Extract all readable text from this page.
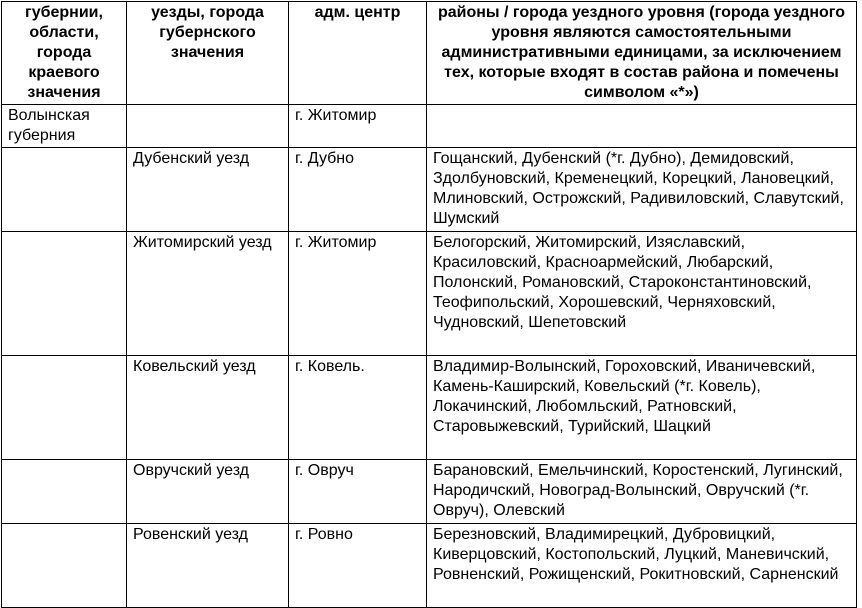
губернии, области, города краевого значения	уезды, города губернского значения	адм. центр	районы / города уездного уровня (города уездного уровня являются самостоятельными административными единицами, за исключением тех, которые входят в состав района и помечены символом «*»)
Волынская губерния		г. Житомир	
	Дубенский уезд	г. Дубно	Гощанский, Дубенский (*г. Дубно), Демидовский, Здолбуновский, Кременецкий, Корецкий, Лановецкий, Млиновский, Острожский, Радивиловский, Славутский, Шумский
	Житомирский уезд	г. Житомир	Белогорский, Житомирский, Изяславский, Красиловский, Красноармейский, Любарский, Полонский, Романовский, Староконстантиновский, Теофипольский, Хорошевский, Черняховский, Чудновский, Шепетовский
	Ковельский уезд	г. Ковель.	Владимир-Волынский, Гороховский, Иваничевский, Камень-Каширский, Ковельский (*г. Ковель), Локачинский, Любомльский, Ратновский, Старовыжевский, Турийский, Шацкий
	Овручский уезд	г. Овруч	Барановский, Емельчинский, Коростенский, Лугинский, Народичский, Новоград-Волынский, Овручский (*г. Овруч), Олевский
	Ровенский уезд	г. Ровно	Березновский, Владимирецкий, Дубровицкий, Киверцовский, Костопольский, Луцкий, Маневичский, Ровненский, Рожищенский, Рокитновский, Сарненский
